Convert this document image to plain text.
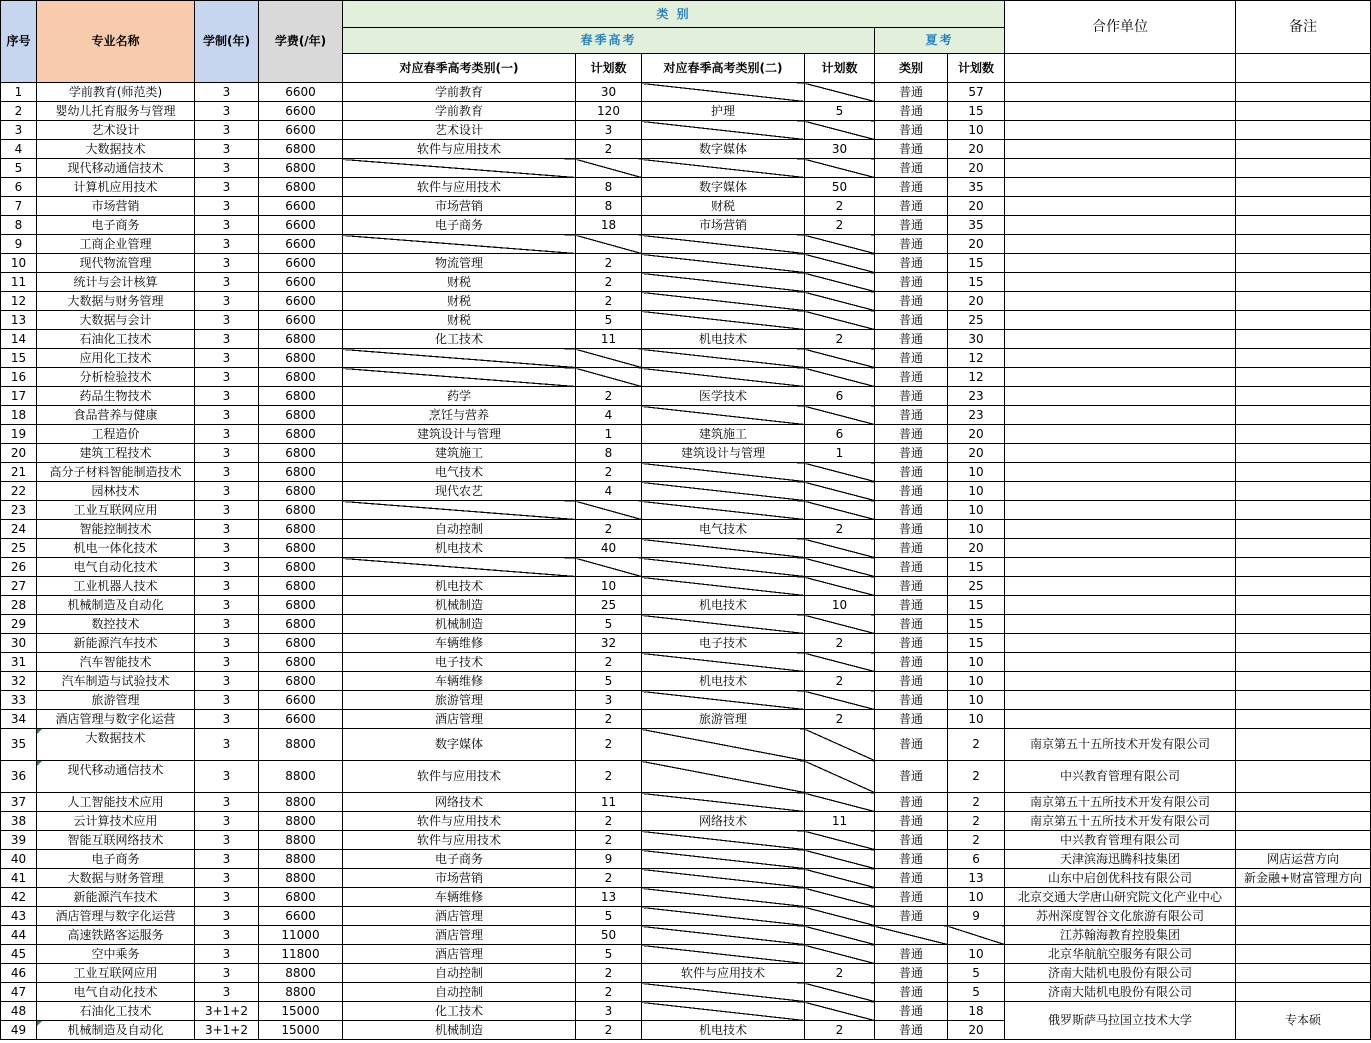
序号	专业名称	学制(年)	学费(/年)	类 别						合作单位	备注
				春季高考				夏考			
				对应春季高考类别(一)	计划数	对应春季高考类别(二)	计划数	类别	计划数		
1	学前教育(师范类)	3	6600	学前教育	30			普通	57		
2	婴幼儿托育服务与管理	3	6600	学前教育	120	护理	5	普通	15		
3	艺术设计	3	6600	艺术设计	3			普通	10		
4	大数据技术	3	6800	软件与应用技术	2	数字媒体	30	普通	20		
5	现代移动通信技术	3	6800					普通	20		
6	计算机应用技术	3	6800	软件与应用技术	8	数字媒体	50	普通	35		
7	市场营销	3	6600	市场营销	8	财税	2	普通	20		
8	电子商务	3	6600	电子商务	18	市场营销	2	普通	35		
9	工商企业管理	3	6600					普通	20		
10	现代物流管理	3	6600	物流管理	2			普通	15		
11	统计与会计核算	3	6600	财税	2			普通	15		
12	大数据与财务管理	3	6600	财税	2			普通	20		
13	大数据与会计	3	6600	财税	5			普通	25		
14	石油化工技术	3	6800	化工技术	11	机电技术	2	普通	30		
15	应用化工技术	3	6800					普通	12		
16	分析检验技术	3	6800					普通	12		
17	药品生物技术	3	6800	药学	2	医学技术	6	普通	23		
18	食品营养与健康	3	6800	烹饪与营养	4			普通	23		
19	工程造价	3	6800	建筑设计与管理	1	建筑施工	6	普通	20		
20	建筑工程技术	3	6800	建筑施工	8	建筑设计与管理	1	普通	20		
21	高分子材料智能制造技术	3	6800	电气技术	2			普通	10		
22	园林技术	3	6800	现代农艺	4			普通	10		
23	工业互联网应用	3	6800					普通	10		
24	智能控制技术	3	6800	自动控制	2	电气技术	2	普通	10		
25	机电一体化技术	3	6800	机电技术	40			普通	20		
26	电气自动化技术	3	6800					普通	15		
27	工业机器人技术	3	6800	机电技术	10			普通	25		
28	机械制造及自动化	3	6800	机械制造	25	机电技术	10	普通	15		
29	数控技术	3	6800	机械制造	5			普通	15		
30	新能源汽车技术	3	6800	车辆维修	32	电子技术	2	普通	15		
31	汽车智能技术	3	6800	电子技术	2			普通	10		
32	汽车制造与试验技术	3	6800	车辆维修	5	机电技术	2	普通	10		
33	旅游管理	3	6600	旅游管理	3			普通	10		
34	酒店管理与数字化运营	3	6600	酒店管理	2	旅游管理	2	普通	10		
35	大数据技术	3	8800	数字媒体	2			普通	2	南京第五十五所技术开发有限公司	
36	现代移动通信技术	3	8800	软件与应用技术	2			普通	2	中兴教育管理有限公司	
37	人工智能技术应用	3	8800	网络技术	11			普通	2	南京第五十五所技术开发有限公司	
38	云计算技术应用	3	8800	软件与应用技术	2	网络技术	11	普通	2	南京第五十五所技术开发有限公司	
39	智能互联网络技术	3	8800	软件与应用技术	2			普通	2	中兴教育管理有限公司	
40	电子商务	3	8800	电子商务	9			普通	6	天津滨海迅腾科技集团	网店运营方向
41	大数据与财务管理	3	8800	市场营销	2			普通	13	山东中启创优科技有限公司	新金融+财富管理方向
42	新能源汽车技术	3	6800	车辆维修	13			普通	10	北京交通大学唐山研究院文化产业中心	
43	酒店管理与数字化运营	3	6600	酒店管理	5			普通	9	苏州深度智谷文化旅游有限公司	
44	高速铁路客运服务	3	11000	酒店管理	50					江苏翰海教育控股集团	
45	空中乘务	3	11800	酒店管理	5			普通	10	北京华航航空服务有限公司	
46	工业互联网应用	3	8800	自动控制	2	软件与应用技术	2	普通	5	济南大陆机电股份有限公司	
47	电气自动化技术	3	8800	自动控制	2			普通	5	济南大陆机电股份有限公司	
48	石油化工技术	3+1+2	15000	化工技术	3			普通	18	俄罗斯萨马拉国立技术大学	专本硕
49	机械制造及自动化	3+1+2	15000	机械制造	2	机电技术	2	普通	20		
